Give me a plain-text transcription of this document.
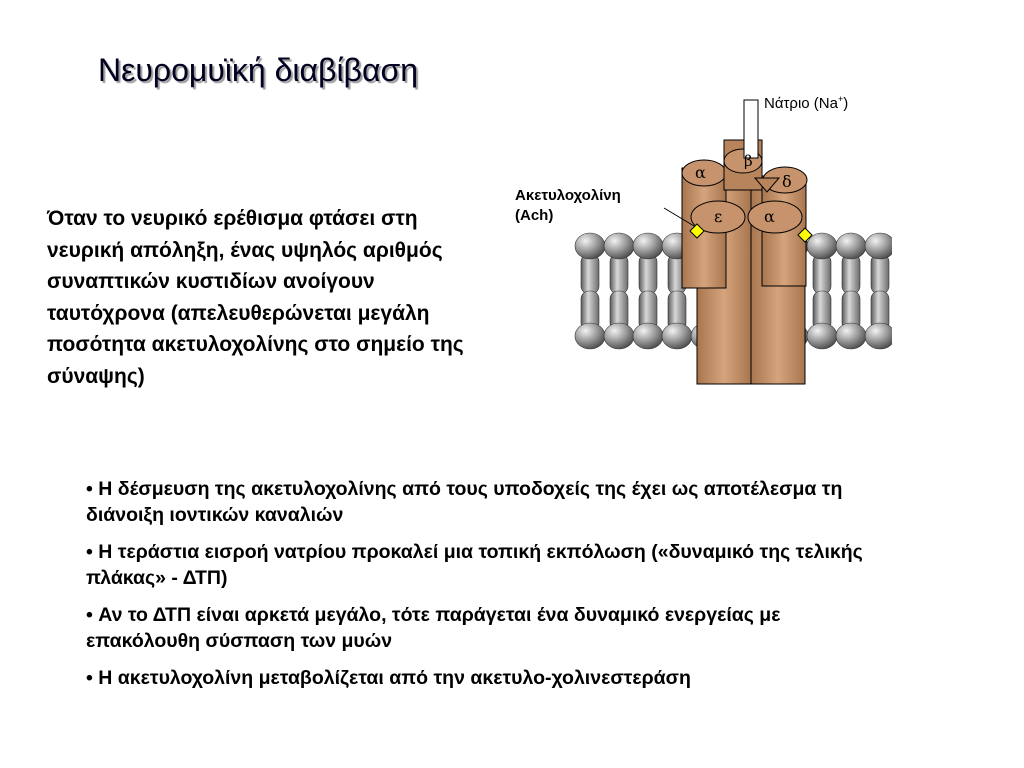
Νευρομυϊκή διαβίβαση

Όταν το νευρικό ερέθισμα φτάσει στη νευρική απόληξη, ένας υψηλός αριθμός συναπτικών κυστιδίων ανοίγουν ταυτόχρονα (απελευθερώνεται μεγάλη ποσότητα ακετυλοχολίνης στο σημείο της σύναψης)

α
β
δ
ε	α
Νάτριο (Na+)
Ακετυλοχολίνη
(Ach)
• Η δέσμευση της ακετυλοχολίνης από τους υποδοχείς της έχει ως αποτέλεσμα τη διάνοιξη ιοντικών καναλιών
• Η τεράστια εισροή νατρίου προκαλεί μια τοπική εκπόλωση («δυναμικό της τελικής πλάκας» - ΔΤΠ)
• Αν το ΔΤΠ είναι αρκετά μεγάλο, τότε παράγεται ένα δυναμικό ενεργείας με επακόλουθη σύσπαση των μυών
• Η ακετυλοχολίνη μεταβολίζεται από την ακετυλο-χολινεστεράση
